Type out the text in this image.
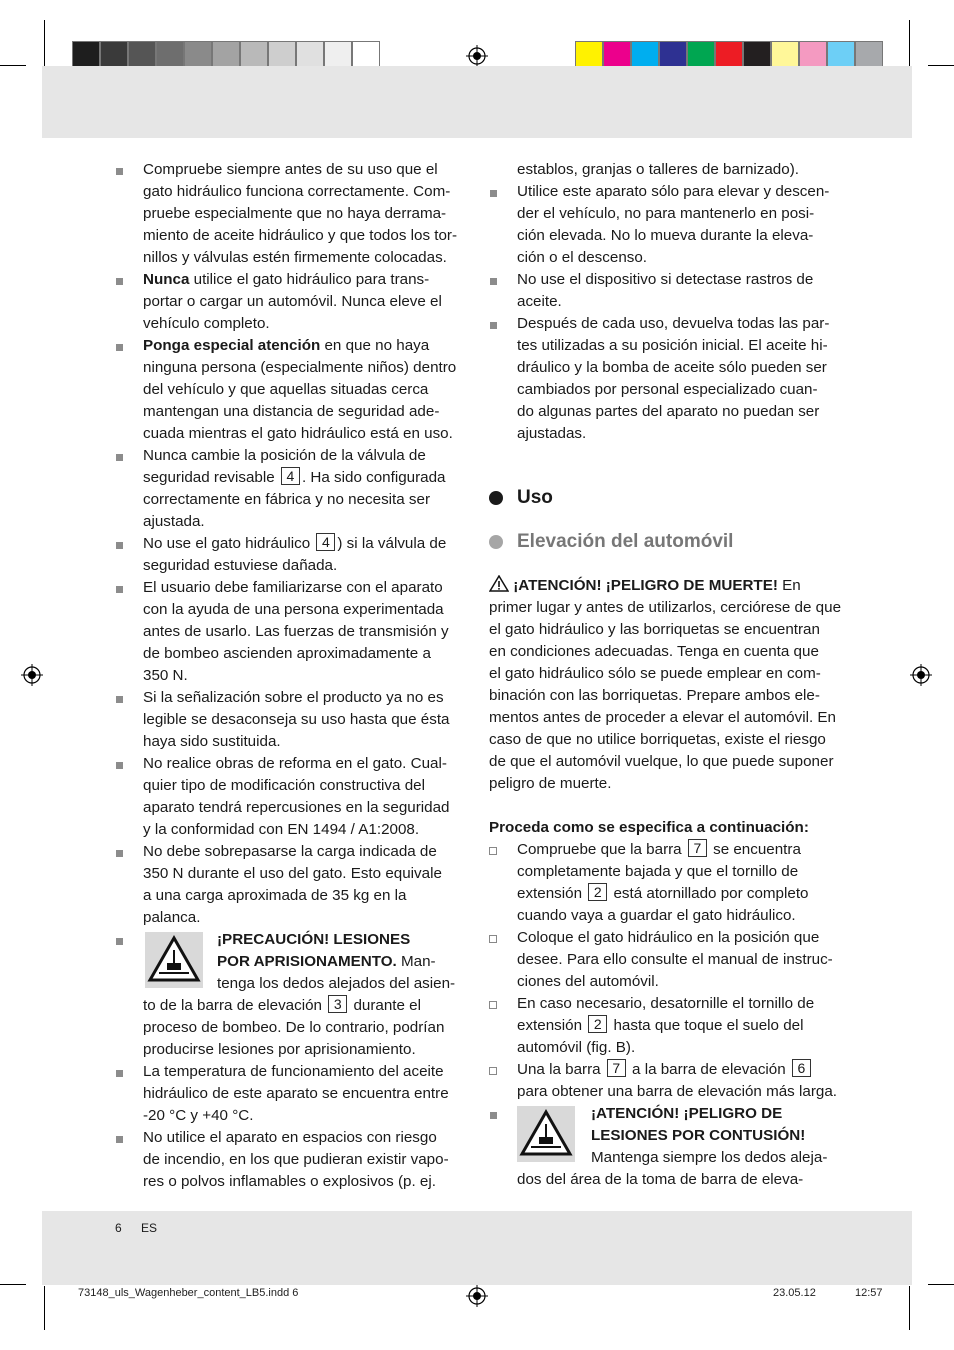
Compruebe siempre antes de su uso que el
gato hidráulico funciona correctamente. Com-
pruebe especialmente que no haya derrama-
miento de aceite hidráulico y que todos los tor-
nillos y válvulas estén firmemente colocadas.
Nunca utilice el gato hidráulico para trans-
portar o cargar un automóvil. Nunca eleve el
vehículo completo.
Ponga especial atención en que no haya
ninguna persona (especialmente niños) dentro
del vehículo y que aquellas situadas cerca
mantengan una distancia de seguridad ade-
cuada mientras el gato hidráulico está en uso.
Nunca cambie la posición de la válvula de
seguridad revisable 4 . Ha sido configurada
correctamente en fábrica y no necesita ser
ajustada.
No use el gato hidráulico 4 ) si la válvula de
seguridad estuviese dañada.
El usuario debe familiarizarse con el aparato
con la ayuda de una persona experimentada
antes de usarlo. Las fuerzas de transmisión y
de bombeo ascienden aproximadamente a
350 N.
Si la señalización sobre el producto ya no es
legible se desaconseja su uso hasta que ésta
haya sido sustituida.
No realice obras de reforma en el gato. Cual-
quier tipo de modificación constructiva del
aparato tendrá repercusiones en la seguridad
y la conformidad con EN 1494 / A1:2008.
No debe sobrepasarse la carga indicada de
350 N durante el uso del gato. Esto equivale
a una carga aproximada de 35 kg en la
palanca.
¡PRECAUCIÓN! LESIONES
POR APRISIONAMENTO. Man-
tenga los dedos alejados del asien-
to de la barra de elevación 3 durante el
proceso de bombeo. De lo contrario, podrían
producirse lesiones por aprisionamiento.
La temperatura de funcionamiento del aceite
hidráulico de este aparato se encuentra entre
-20 °C y +40 °C.
No utilice el aparato en espacios con riesgo
de incendio, en los que pudieran existir vapo-
res o polvos inflamables o explosivos (p. ej.
establos, granjas o talleres de barnizado).
Utilice este aparato sólo para elevar y descen-
der el vehículo, no para mantenerlo en posi-
ción elevada. No lo mueva durante la eleva-
ción o el descenso.
No use el dispositivo si detectase rastros de
aceite.
Después de cada uso, devuelva todas las par-
tes utilizadas a su posición inicial. El aceite hi-
dráulico y la bomba de aceite sólo pueden ser
cambiados por personal especializado cuan-
do algunas partes del aparato no puedan ser
ajustadas.
Uso
Elevación del automóvil
¡ATENCIÓN! ¡PELIGRO DE MUERTE! En
primer lugar y antes de utilizarlos, cerciórese de que
el gato hidráulico y las borriquetas se encuentran
en condiciones adecuadas. Tenga en cuenta que
el gato hidráulico sólo se puede emplear en com-
binación con las borriquetas. Prepare ambos ele-
mentos antes de proceder a elevar el automóvil. En
caso de que no utilice borriquetas, existe el riesgo
de que el automóvil vuelque, lo que puede suponer
peligro de muerte.
Proceda como se especifica a continuación:
Compruebe que la barra 7 se encuentra
completamente bajada y que el tornillo de
extensión 2 está atornillado por completo
cuando vaya a guardar el gato hidráulico.
Coloque el gato hidráulico en la posición que
desee. Para ello consulte el manual de instruc-
ciones del automóvil.
En caso necesario, desatornille el tornillo de
extensión 2 hasta que toque el suelo del
automóvil (fig. B).
Una la barra 7 a la barra de elevación 6
para obtener una barra de elevación más larga.
¡ATENCIÓN! ¡PELIGRO DE
LESIONES POR CONTUSIÓN!
Mantenga siempre los dedos aleja-
dos del área de la toma de barra de eleva-
6 ES
73148_uls_Wagenheber_content_LB5.indd 6	23.05.12	12:57
